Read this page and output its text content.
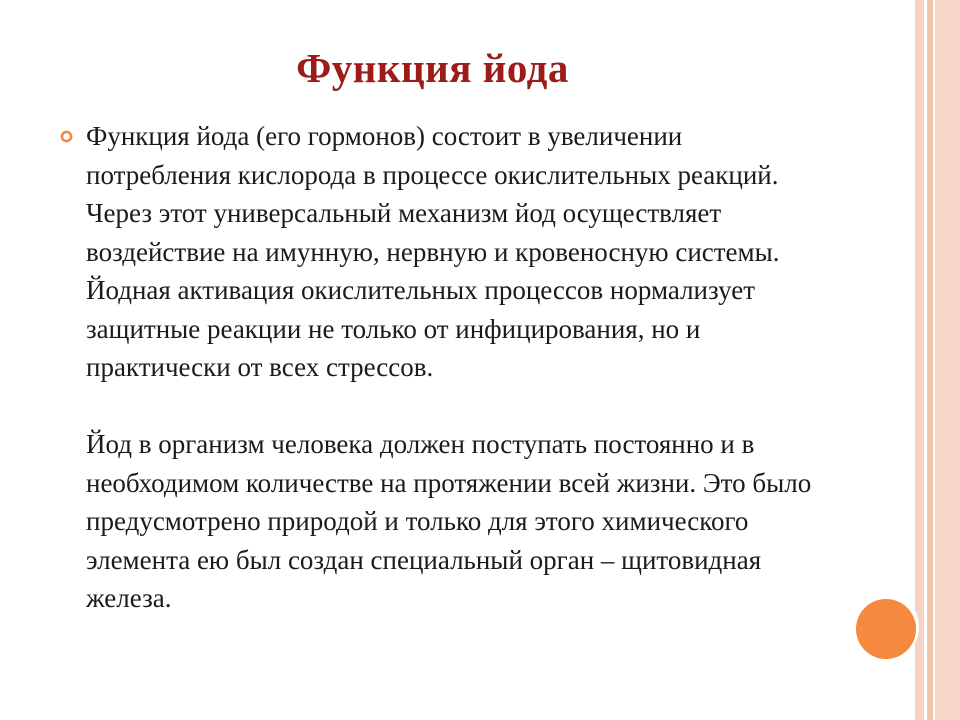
Функция йода

Функция йода (его гормонов) состоит в увеличении потребления кислорода в процессе окислительных реакций. Через этот универсальный механизм йод осуществляет воздействие на имунную, нервную и кровеносную системы. Йодная активация окислительных процессов нормализует защитные реакции не только от инфицирования, но и практически от всех стрессов.

Йод в организм человека должен поступать постоянно и в необходимом количестве на протяжении всей жизни. Это было предусмотрено природой и только для этого химического элемента ею был создан специальный орган – щитовидная железа.
